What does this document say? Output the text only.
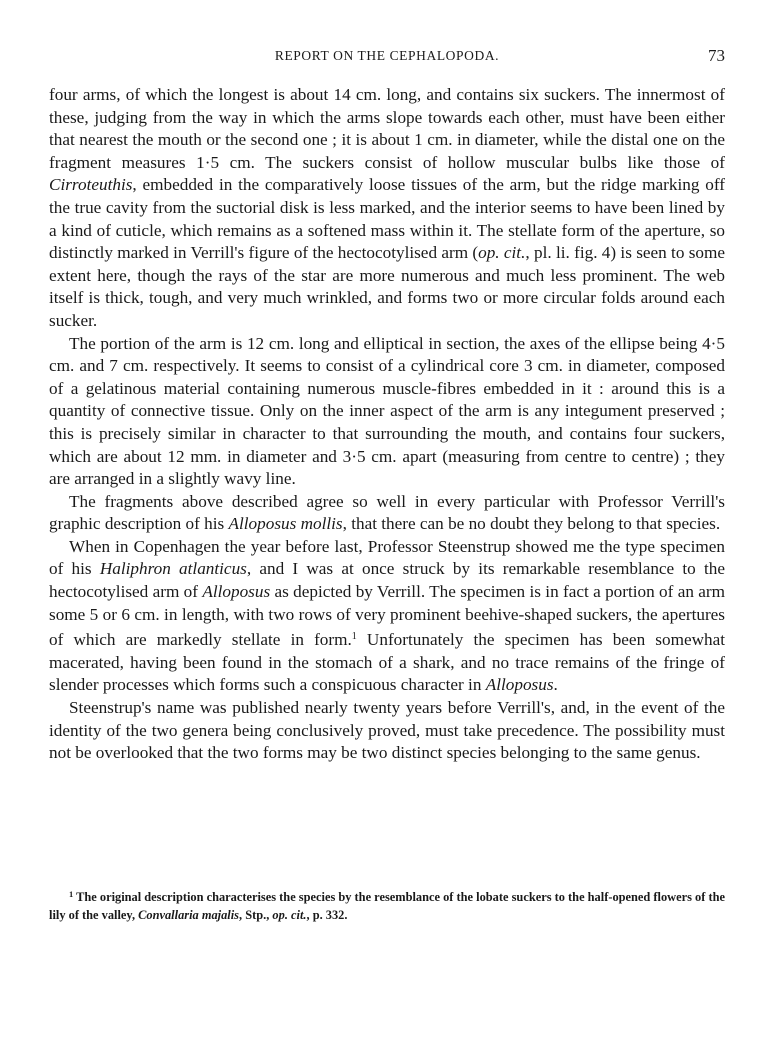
REPORT ON THE CEPHALOPODA.	73

four arms, of which the longest is about 14 cm. long, and contains six suckers. The innermost of these, judging from the way in which the arms slope towards each other, must have been either that nearest the mouth or the second one ; it is about 1 cm. in diameter, while the distal one on the fragment measures 1·5 cm. The suckers consist of hollow muscular bulbs like those of Cirroteuthis, embedded in the comparatively loose tissues of the arm, but the ridge marking off the true cavity from the suctorial disk is less marked, and the interior seems to have been lined by a kind of cuticle, which remains as a softened mass within it. The stellate form of the aperture, so distinctly marked in Verrill's figure of the hectocotylised arm (op. cit., pl. li. fig. 4) is seen to some extent here, though the rays of the star are more numerous and much less prominent. The web itself is thick, tough, and very much wrinkled, and forms two or more circular folds around each sucker.

The portion of the arm is 12 cm. long and elliptical in section, the axes of the ellipse being 4·5 cm. and 7 cm. respectively. It seems to consist of a cylindrical core 3 cm. in diameter, composed of a gelatinous material containing numerous muscle-fibres embedded in it : around this is a quantity of connective tissue. Only on the inner aspect of the arm is any integument preserved ; this is precisely similar in character to that surrounding the mouth, and contains four suckers, which are about 12 mm. in diameter and 3·5 cm. apart (measuring from centre to centre) ; they are arranged in a slightly wavy line.

The fragments above described agree so well in every particular with Professor Verrill's graphic description of his Alloposus mollis, that there can be no doubt they belong to that species.

When in Copenhagen the year before last, Professor Steenstrup showed me the type specimen of his Haliphron atlanticus, and I was at once struck by its remarkable resemblance to the hectocotylised arm of Alloposus as depicted by Verrill. The specimen is in fact a portion of an arm some 5 or 6 cm. in length, with two rows of very prominent beehive-shaped suckers, the apertures of which are markedly stellate in form.$^1$ Unfortunately the specimen has been somewhat macerated, having been found in the stomach of a shark, and no trace remains of the fringe of slender processes which forms such a conspicuous character in Alloposus.

Steenstrup's name was published nearly twenty years before Verrill's, and, in the event of the identity of the two genera being conclusively proved, must take precedence. The possibility must not be overlooked that the two forms may be two distinct species belonging to the same genus.

$^1$ The original description characterises the species by the resemblance of the lobate suckers to the half-opened flowers of the lily of the valley, Convallaria majalis, Stp., op. cit., p. 332.
